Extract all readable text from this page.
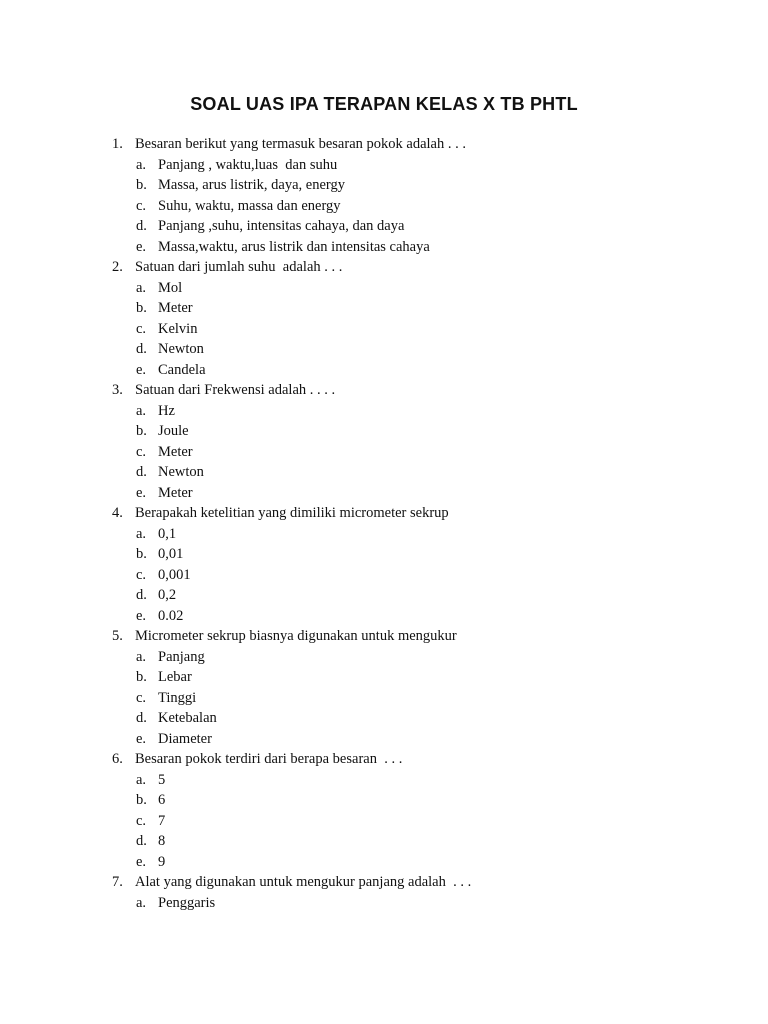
SOAL UAS IPA TERAPAN KELAS X TB PHTL
1. Besaran berikut yang termasuk besaran pokok adalah . . .
a. Panjang , waktu,luas  dan suhu
b. Massa, arus listrik, daya, energy
c. Suhu, waktu, massa dan energy
d. Panjang ,suhu, intensitas cahaya, dan daya
e. Massa,waktu, arus listrik dan intensitas cahaya
2. Satuan dari jumlah suhu  adalah . . .
a. Mol
b. Meter
c. Kelvin
d. Newton
e. Candela
3. Satuan dari Frekwensi adalah . . . .
a. Hz
b. Joule
c. Meter
d. Newton
e. Meter
4. Berapakah ketelitian yang dimiliki micrometer sekrup
a. 0,1
b. 0,01
c. 0,001
d. 0,2
e. 0.02
5. Micrometer sekrup biasnya digunakan untuk mengukur
a. Panjang
b. Lebar
c. Tinggi
d. Ketebalan
e. Diameter
6. Besaran pokok terdiri dari berapa besaran  . . .
a. 5
b. 6
c. 7
d. 8
e. 9
7. Alat yang digunakan untuk mengukur panjang adalah  . . .
a. Penggaris
